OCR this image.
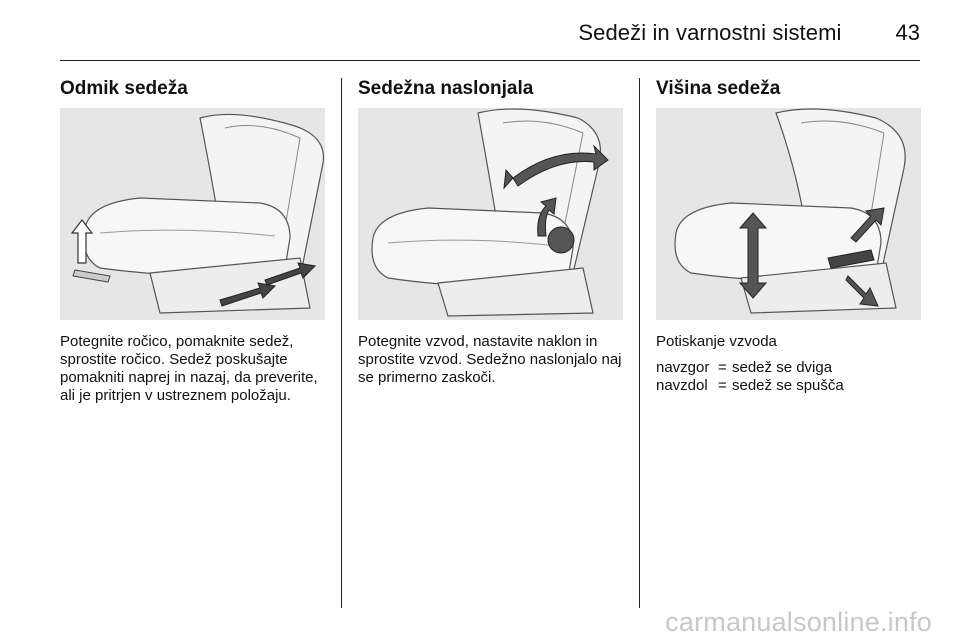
Sedeži in varnostni sistemi 43
Odmik sedeža

Potegnite ročico, pomaknite sedež, sprostite ročico. Sedež poskušajte pomakniti naprej in nazaj, da preverite, ali je pritrjen v ustreznem položaju.

Sedežna naslonjala

Potegnite vzvod, nastavite naklon in sprostite vzvod. Sedežno naslonjalo naj se primerno zaskoči.

Višina sedeža

Potiskanje vzvoda

navzgor = sedež se dviga
navzdol = sedež se spušča
carmanualsonline.info
